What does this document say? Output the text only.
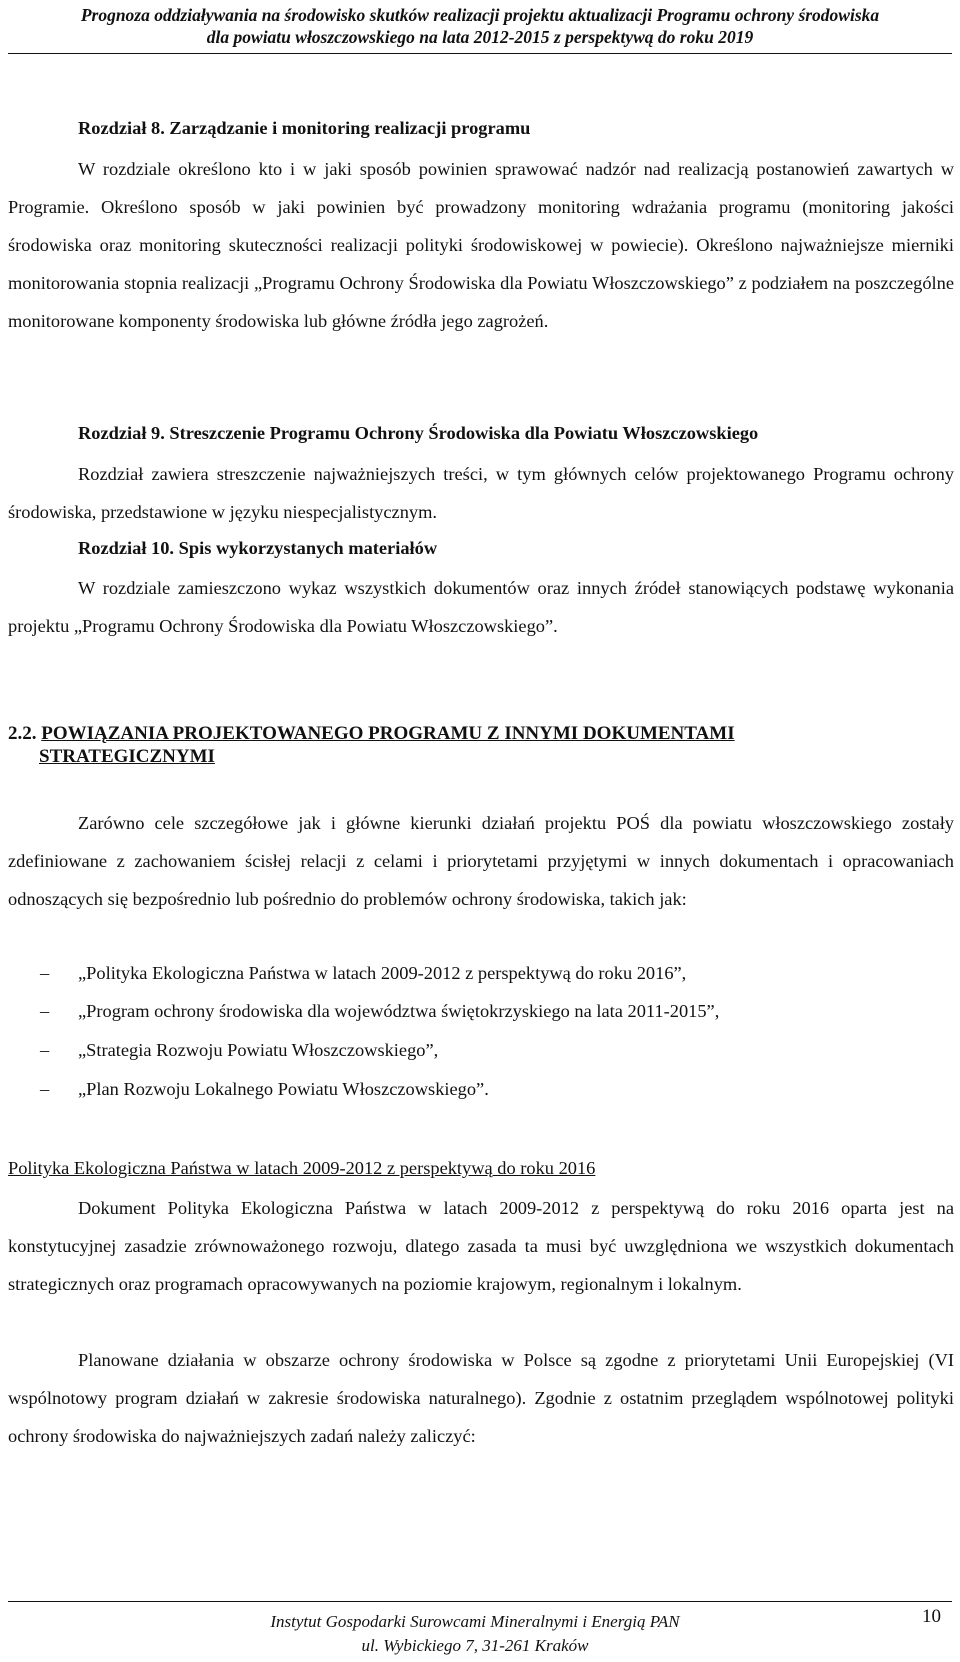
Prognoza oddziaływania na środowisko skutków realizacji projektu aktualizacji Programu ochrony środowiska
dla powiatu włoszczowskiego na lata 2012-2015 z perspektywą do roku 2019
Rozdział 8. Zarządzanie i monitoring realizacji programu
W rozdziale określono kto i w jaki sposób powinien sprawować nadzór nad realizacją postanowień zawartych w Programie. Określono sposób w jaki powinien być prowadzony monitoring wdrażania programu (monitoring jakości środowiska oraz monitoring skuteczności realizacji polityki środowiskowej w powiecie). Określono najważniejsze mierniki monitorowania stopnia realizacji „Programu Ochrony Środowiska dla Powiatu Włoszczowskiego” z podziałem na poszczególne monitorowane komponenty środowiska lub główne źródła jego zagrożeń.
Rozdział 9. Streszczenie Programu Ochrony Środowiska dla Powiatu Włoszczowskiego
Rozdział zawiera streszczenie najważniejszych treści, w tym głównych celów projektowanego Programu ochrony środowiska, przedstawione w języku niespecjalistycznym.
Rozdział 10. Spis wykorzystanych materiałów
W rozdziale zamieszczono wykaz wszystkich dokumentów oraz innych źródeł stanowiących podstawę wykonania projektu „Programu Ochrony Środowiska dla Powiatu Włoszczowskiego”.
2.2. POWIĄZANIA PROJEKTOWANEGO PROGRAMU Z INNYMI DOKUMENTAMI
STRATEGICZNYMI
Zarówno cele szczegółowe jak i główne kierunki działań projektu POŚ dla powiatu włoszczowskiego zostały zdefiniowane z zachowaniem ścisłej relacji z celami i priorytetami przyjętymi w innych dokumentach i opracowaniach odnoszących się bezpośrednio lub pośrednio do problemów ochrony środowiska, takich jak:
– „Polityka Ekologiczna Państwa w latach 2009-2012 z perspektywą do roku 2016”,
– „Program ochrony środowiska dla województwa świętokrzyskiego na lata 2011-2015”,
– „Strategia Rozwoju Powiatu Włoszczowskiego”,
– „Plan Rozwoju Lokalnego Powiatu Włoszczowskiego”.
Polityka Ekologiczna Państwa w latach 2009-2012 z perspektywą do roku 2016
Dokument Polityka Ekologiczna Państwa w latach 2009-2012 z perspektywą do roku 2016 oparta jest na konstytucyjnej zasadzie zrównoważonego rozwoju, dlatego zasada ta musi być uwzględniona we wszystkich dokumentach strategicznych oraz programach opracowywanych na poziomie krajowym, regionalnym i lokalnym.
Planowane działania w obszarze ochrony środowiska w Polsce są zgodne z priorytetami Unii Europejskiej (VI wspólnotowy program działań w zakresie środowiska naturalnego). Zgodnie z ostatnim przeglądem wspólnotowej polityki ochrony środowiska do najważniejszych zadań należy zaliczyć:
Instytut Gospodarki Surowcami Mineralnymi i Energią PAN
ul. Wybickiego 7, 31-261 Kraków
10
